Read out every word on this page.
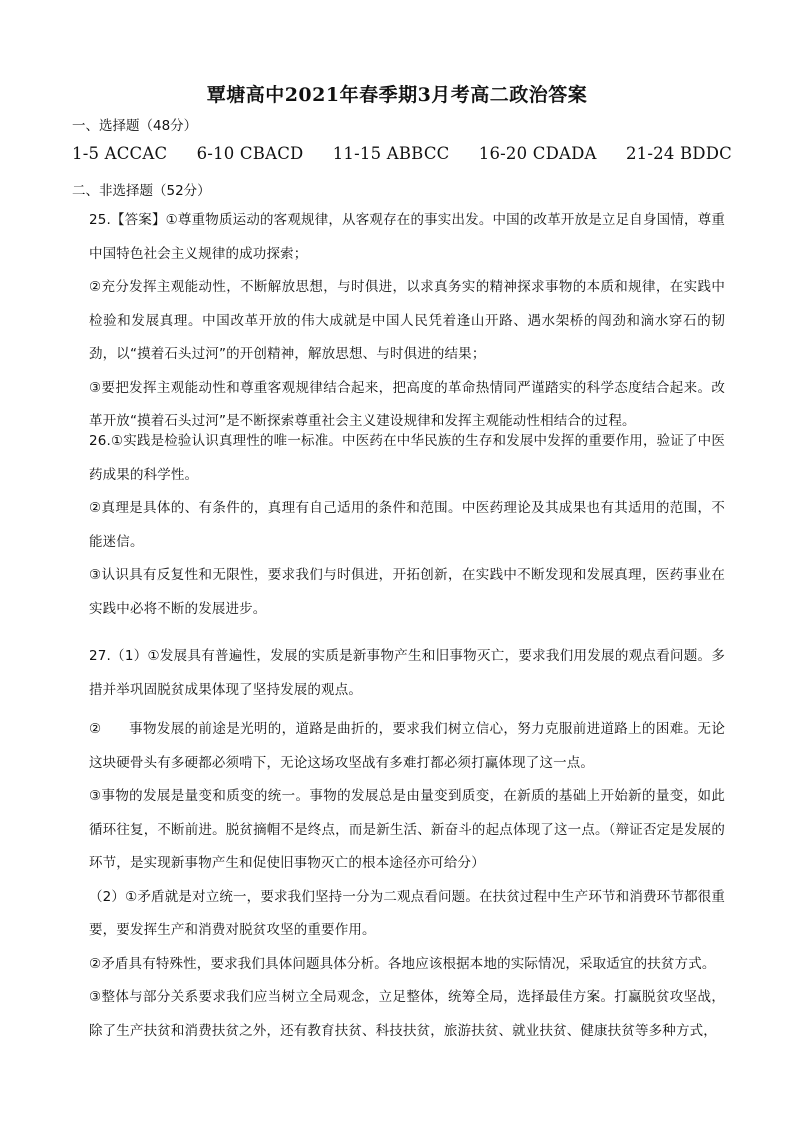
覃塘高中2021年春季期3月考高二政治答案
一、选择题（48分）
1-5 ACCAC 6-10 CBACD 11-15 ABBCC 16-20 CDADA 21-24 BDDC
二、非选择题（52分）

25.【答案】①尊重物质运动的客观规律，从客观存在的事实出发。中国的改革开放是立足自身国情，尊重中国特色社会主义规律的成功探索；

②充分发挥主观能动性，不断解放思想，与时俱进，以求真务实的精神探求事物的本质和规律，在实践中检验和发展真理。中国改革开放的伟大成就是中国人民凭着逢山开路、遇水架桥的闯劲和滴水穿石的韧劲，以“摸着石头过河”的开创精神，解放思想、与时俱进的结果；

③要把发挥主观能动性和尊重客观规律结合起来，把高度的革命热情同严谨踏实的科学态度结合起来。改革开放“摸着石头过河”是不断探索尊重社会主义建设规律和发挥主观能动性相结合的过程。

26.①实践是检验认识真理性的唯一标准。中医药在中华民族的生存和发展中发挥的重要作用，验证了中医药成果的科学性。

②真理是具体的、有条件的，真理有自己适用的条件和范围。中医药理论及其成果也有其适用的范围，不能迷信。

③认识具有反复性和无限性，要求我们与时俱进，开拓创新，在实践中不断发现和发展真理，医药事业在实践中必将不断的发展进步。

27.（1）①发展具有普遍性，发展的实质是新事物产生和旧事物灭亡，要求我们用发展的观点看问题。多措并举巩固脱贫成果体现了坚持发展的观点。

②　　事物发展的前途是光明的，道路是曲折的，要求我们树立信心，努力克服前进道路上的困难。无论这块硬骨头有多硬都必须啃下，无论这场攻坚战有多难打都必须打赢体现了这一点。

③事物的发展是量变和质变的统一。事物的发展总是由量变到质变，在新质的基础上开始新的量变，如此循环往复，不断前进。脱贫摘帽不是终点，而是新生活、新奋斗的起点体现了这一点。（辩证否定是发展的环节，是实现新事物产生和促使旧事物灭亡的根本途径亦可给分）

（2）①矛盾就是对立统一，要求我们坚持一分为二观点看问题。在扶贫过程中生产环节和消费环节都很重要，要发挥生产和消费对脱贫攻坚的重要作用。

②矛盾具有特殊性，要求我们具体问题具体分析。各地应该根据本地的实际情况，采取适宜的扶贫方式。

③整体与部分关系要求我们应当树立全局观念，立足整体，统筹全局，选择最佳方案。打赢脱贫攻坚战，除了生产扶贫和消费扶贫之外，还有教育扶贫、科技扶贫，旅游扶贫、就业扶贫、健康扶贫等多种方式，
